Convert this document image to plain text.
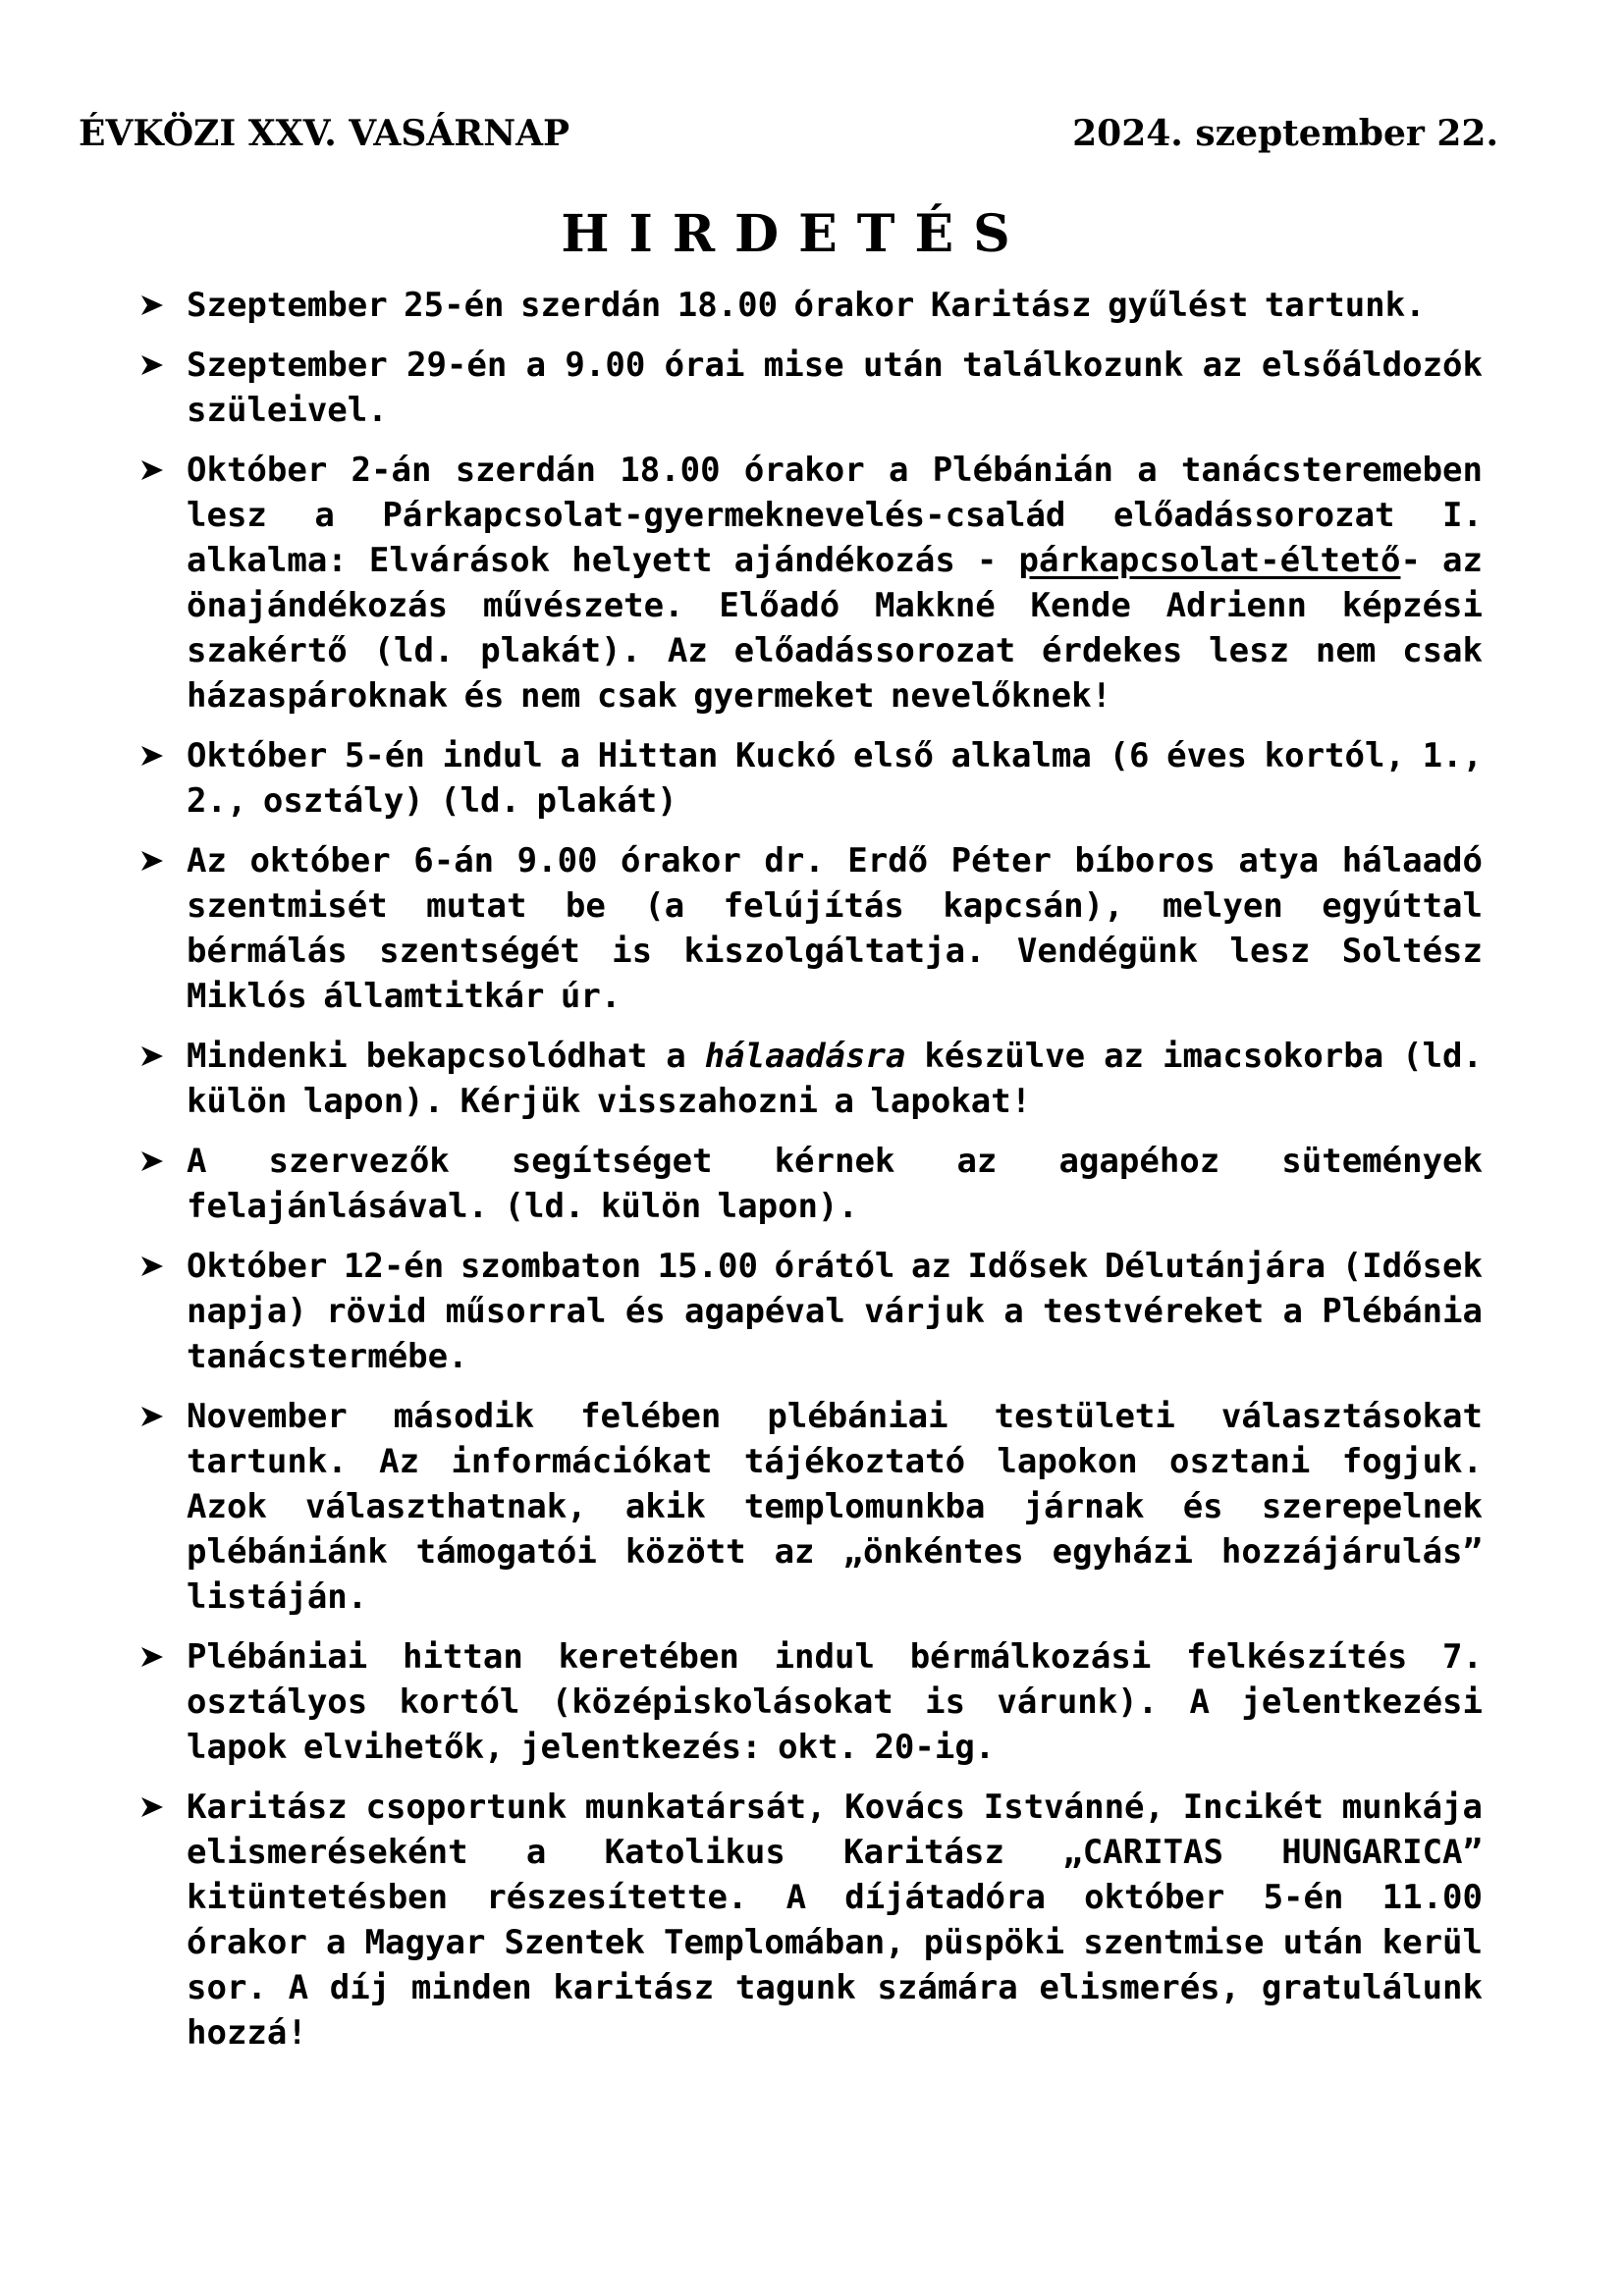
ÉVKÖZI XXV. VASÁRNAP	2024. szeptember 22.
HIRDETÉS
Szeptember 25-én szerdán 18.00 órakor Karitász gyűlést tartunk.
Szeptember 29-én a 9.00 órai mise után találkozunk az elsőáldozók szüleivel.
Október 2-án szerdán 18.00 órakor a Plébánián a tanácsteremeben lesz a Párkapcsolat-gyermeknevelés-család előadássorozat I. alkalma: Elvárások helyett ajándékozás - párkapcsolat-éltető- az önajándékozás művészete. Előadó Makkné Kende Adrienn képzési szakértő (ld. plakát). Az előadássorozat érdekes lesz nem csak házaspároknak és nem csak gyermeket nevelőknek!
Október 5-én indul a Hittan Kuckó első alkalma (6 éves kortól, 1., 2., osztály) (ld. plakát)
Az október 6-án 9.00 órakor dr. Erdő Péter bíboros atya hálaadó szentmisét mutat be (a felújítás kapcsán), melyen egyúttal bérmálás szentségét is kiszolgáltatja. Vendégünk lesz Soltész Miklós államtitkár úr.
Mindenki bekapcsolódhat a hálaadásra készülve az imacsokorba (ld. külön lapon). Kérjük visszahozni a lapokat!
A szervezők segítséget kérnek az agapéhoz sütemények felajánlásával. (ld. külön lapon).
Október 12-én szombaton 15.00 órától az Idősek Délutánjára (Idősek napja) rövid műsorral és agapéval várjuk a testvéreket a Plébánia tanácstermébe.
November második felében plébániai testületi választásokat tartunk. Az információkat tájékoztató lapokon osztani fogjuk. Azok választhatnak, akik templomunkba járnak és szerepelnek plébániánk támogatói között az „önkéntes egyházi hozzájárulás” listáján.
Plébániai hittan keretében indul bérmálkozási felkészítés 7. osztályos kortól (középiskolásokat is várunk). A jelentkezési lapok elvihetők, jelentkezés: okt. 20-ig.
Karitász csoportunk munkatársát, Kovács Istvánné, Incikét munkája elismeréseként a Katolikus Karitász „CARITAS HUNGARICA” kitüntetésben részesítette. A díjátadóra október 5-én 11.00 órakor a Magyar Szentek Templomában, püspöki szentmise után kerül sor. A díj minden karitász tagunk számára elismerés, gratulálunk hozzá!
